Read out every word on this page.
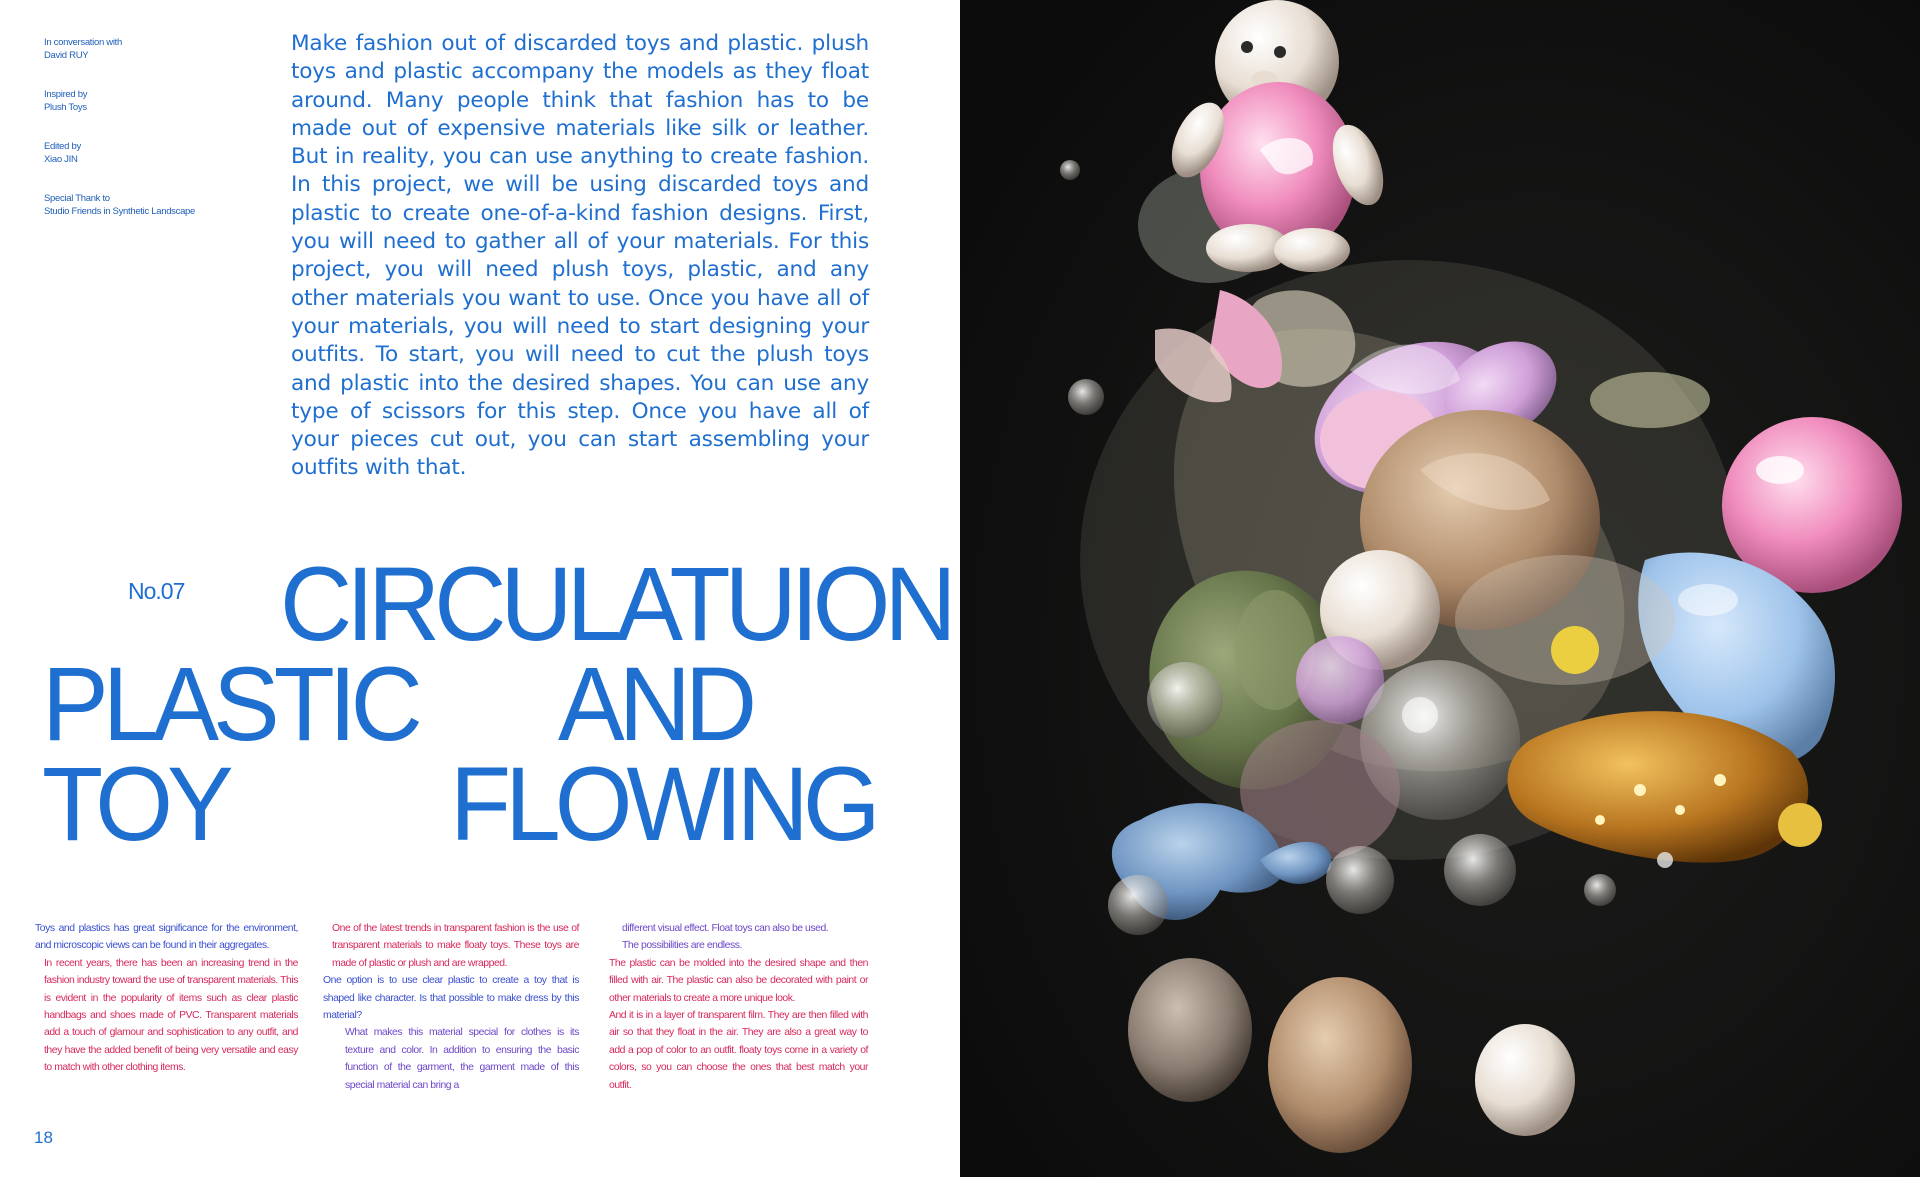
In conversation with
David RUY
Inspired by
Plush Toys
Edited by
Xiao JIN
Special Thank to
Studio Friends in Synthetic Landscape

Make fashion out of discarded toys and plastic. plush toys and plastic accompany the models as they float around. Many people think that fashion has to be made out of expensive materials like silk or leather. But in reality, you can use anything to create fashion. In this project, we will be using discarded toys and plastic to create one-of-a-kind fashion designs. First, you will need to gather all of your materials. For this project, you will need plush toys, plastic, and any other materials you want to use. Once you have all of your materials, you will need to start designing your outfits. To start, you will need to cut the plush toys and plastic into the desired shapes. You can use any type of scissors for this step. Once you have all of your pieces cut out, you can start assembling your outfits with that.

No.07 CIRCULATUION
PLASTIC AND
TOY FLOWING

Toys and plastics has great significance for the environment, and microscopic views can be found in their aggregates.

In recent years, there has been an increasing trend in the fashion industry toward the use of transparent materials. This is evident in the popularity of items such as clear plastic handbags and shoes made of PVC. Transparent materials add a touch of glamour and sophistication to any outfit, and they have the added benefit of being very versatile and easy to match with other clothing items.

One of the latest trends in transparent fashion is the use of transparent materials to make floaty toys. These toys are made of plastic or plush and are wrapped.

One option is to use clear plastic to create a toy that is shaped like character. Is that possible to make dress by this material?

What makes this material special for clothes is its texture and color. In addition to ensuring the basic function of the garment, the garment made of this special material can bring a

different visual effect. Float toys can also be used.

The possibilities are endless.

The plastic can be molded into the desired shape and then filled with air. The plastic can also be decorated with paint or other materials to create a more unique look.

And it is in a layer of transparent film. They are then filled with air so that they float in the air. They are also a great way to add a pop of color to an outfit. floaty toys come in a variety of colors, so you can choose the ones that best match your outfit.

18
